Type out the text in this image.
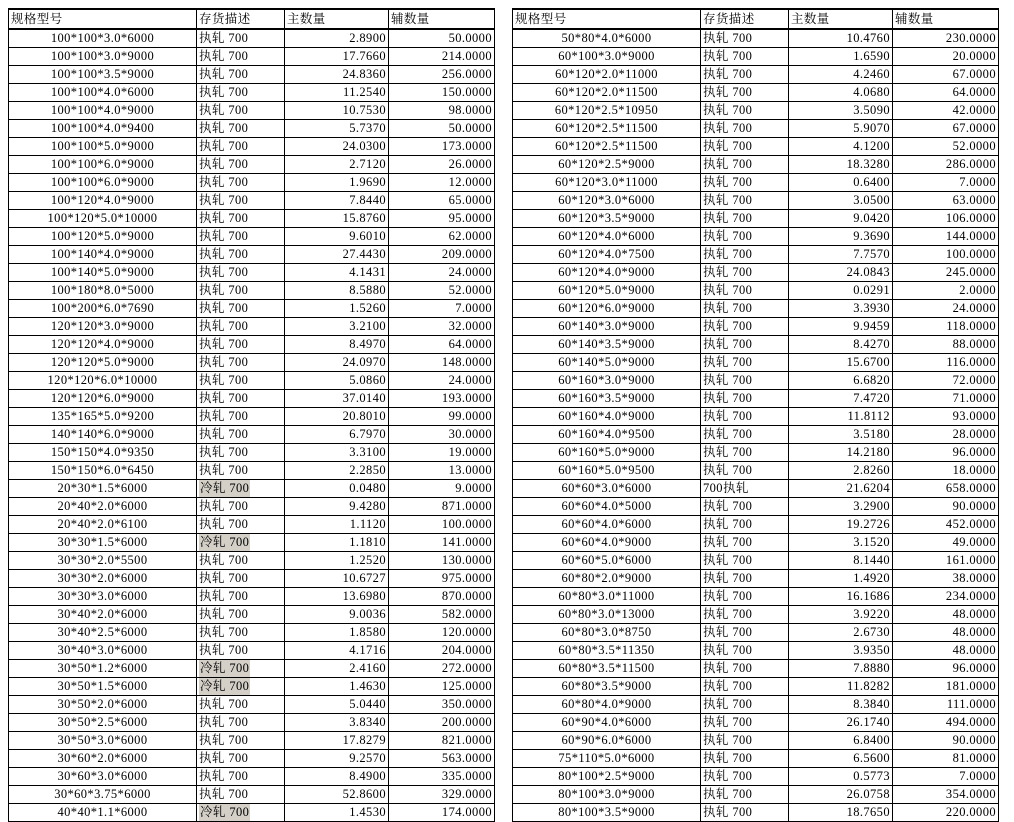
规格型号	存货描述	主数量	辅数量
100*100*3.0*6000	执轧 700	2.8900	50.0000
100*100*3.0*9000	执轧 700	17.7660	214.0000
100*100*3.5*9000	执轧 700	24.8360	256.0000
100*100*4.0*6000	执轧 700	11.2540	150.0000
100*100*4.0*9000	执轧 700	10.7530	98.0000
100*100*4.0*9400	执轧 700	5.7370	50.0000
100*100*5.0*9000	执轧 700	24.0300	173.0000
100*100*6.0*9000	执轧 700	2.7120	26.0000
100*100*6.0*9000	执轧 700	1.9690	12.0000
100*120*4.0*9000	执轧 700	7.8440	65.0000
100*120*5.0*10000	执轧 700	15.8760	95.0000
100*120*5.0*9000	执轧 700	9.6010	62.0000
100*140*4.0*9000	执轧 700	27.4430	209.0000
100*140*5.0*9000	执轧 700	4.1431	24.0000
100*180*8.0*5000	执轧 700	8.5880	52.0000
100*200*6.0*7690	执轧 700	1.5260	7.0000
120*120*3.0*9000	执轧 700	3.2100	32.0000
120*120*4.0*9000	执轧 700	8.4970	64.0000
120*120*5.0*9000	执轧 700	24.0970	148.0000
120*120*6.0*10000	执轧 700	5.0860	24.0000
120*120*6.0*9000	执轧 700	37.0140	193.0000
135*165*5.0*9200	执轧 700	20.8010	99.0000
140*140*6.0*9000	执轧 700	6.7970	30.0000
150*150*4.0*9350	执轧 700	3.3100	19.0000
150*150*6.0*6450	执轧 700	2.2850	13.0000
20*30*1.5*6000	冷轧 700	0.0480	9.0000
20*40*2.0*6000	执轧 700	9.4280	871.0000
20*40*2.0*6100	执轧 700	1.1120	100.0000
30*30*1.5*6000	冷轧 700	1.1810	141.0000
30*30*2.0*5500	执轧 700	1.2520	130.0000
30*30*2.0*6000	执轧 700	10.6727	975.0000
30*30*3.0*6000	执轧 700	13.6980	870.0000
30*40*2.0*6000	执轧 700	9.0036	582.0000
30*40*2.5*6000	执轧 700	1.8580	120.0000
30*40*3.0*6000	执轧 700	4.1716	204.0000
30*50*1.2*6000	冷轧 700	2.4160	272.0000
30*50*1.5*6000	冷轧 700	1.4630	125.0000
30*50*2.0*6000	执轧 700	5.0440	350.0000
30*50*2.5*6000	执轧 700	3.8340	200.0000
30*50*3.0*6000	执轧 700	17.8279	821.0000
30*60*2.0*6000	执轧 700	9.2570	563.0000
30*60*3.0*6000	执轧 700	8.4900	335.0000
30*60*3.75*6000	执轧 700	52.8600	329.0000
40*40*1.1*6000	冷轧 700	1.4530	174.0000
规格型号	存货描述	主数量	辅数量
50*80*4.0*6000	执轧 700	10.4760	230.0000
60*100*3.0*9000	执轧 700	1.6590	20.0000
60*120*2.0*11000	执轧 700	4.2460	67.0000
60*120*2.0*11500	执轧 700	4.0680	64.0000
60*120*2.5*10950	执轧 700	3.5090	42.0000
60*120*2.5*11500	执轧 700	5.9070	67.0000
60*120*2.5*11500	执轧 700	4.1200	52.0000
60*120*2.5*9000	执轧 700	18.3280	286.0000
60*120*3.0*11000	执轧 700	0.6400	7.0000
60*120*3.0*6000	执轧 700	3.0500	63.0000
60*120*3.5*9000	执轧 700	9.0420	106.0000
60*120*4.0*6000	执轧 700	9.3690	144.0000
60*120*4.0*7500	执轧 700	7.7570	100.0000
60*120*4.0*9000	执轧 700	24.0843	245.0000
60*120*5.0*9000	执轧 700	0.0291	2.0000
60*120*6.0*9000	执轧 700	3.3930	24.0000
60*140*3.0*9000	执轧 700	9.9459	118.0000
60*140*3.5*9000	执轧 700	8.4270	88.0000
60*140*5.0*9000	执轧 700	15.6700	116.0000
60*160*3.0*9000	执轧 700	6.6820	72.0000
60*160*3.5*9000	执轧 700	7.4720	71.0000
60*160*4.0*9000	执轧 700	11.8112	93.0000
60*160*4.0*9500	执轧 700	3.5180	28.0000
60*160*5.0*9000	执轧 700	14.2180	96.0000
60*160*5.0*9500	执轧 700	2.8260	18.0000
60*60*3.0*6000	700执轧	21.6204	658.0000
60*60*4.0*5000	执轧 700	3.2900	90.0000
60*60*4.0*6000	执轧 700	19.2726	452.0000
60*60*4.0*9000	执轧 700	3.1520	49.0000
60*60*5.0*6000	执轧 700	8.1440	161.0000
60*80*2.0*9000	执轧 700	1.4920	38.0000
60*80*3.0*11000	执轧 700	16.1686	234.0000
60*80*3.0*13000	执轧 700	3.9220	48.0000
60*80*3.0*8750	执轧 700	2.6730	48.0000
60*80*3.5*11350	执轧 700	3.9350	48.0000
60*80*3.5*11500	执轧 700	7.8880	96.0000
60*80*3.5*9000	执轧 700	11.8282	181.0000
60*80*4.0*9000	执轧 700	8.3840	111.0000
60*90*4.0*6000	执轧 700	26.1740	494.0000
60*90*6.0*6000	执轧 700	6.8400	90.0000
75*110*5.0*6000	执轧 700	6.5600	81.0000
80*100*2.5*9000	执轧 700	0.5773	7.0000
80*100*3.0*9000	执轧 700	26.0758	354.0000
80*100*3.5*9000	执轧 700	18.7650	220.0000
